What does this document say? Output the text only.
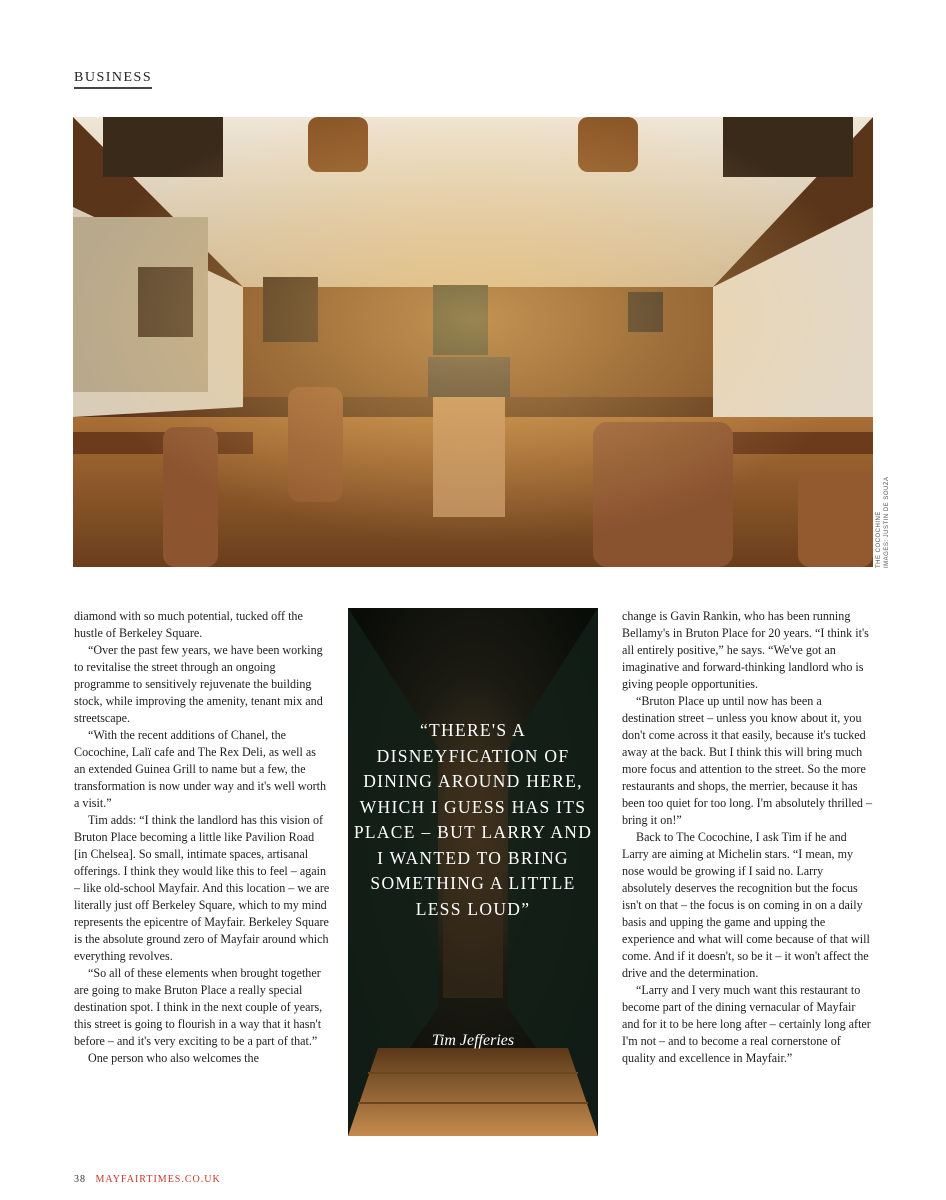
BUSINESS
THE COCOCHINE IMAGES: JUSTIN DE SOUZA

diamond with so much potential, tucked off the hustle of Berkeley Square.

“Over the past few years, we have been working to revitalise the street through an ongoing programme to sensitively rejuvenate the building stock, while improving the amenity, tenant mix and streetscape.

“With the recent additions of Chanel, the Cocochine, Lalï cafe and The Rex Deli, as well as an extended Guinea Grill to name but a few, the transformation is now under way and it's well worth a visit.”

Tim adds: “I think the landlord has this vision of Bruton Place becoming a little like Pavilion Road [in Chelsea]. So small, intimate spaces, artisanal offerings. I think they would like this to feel – again – like old-school Mayfair. And this location – we are literally just off Berkeley Square, which to my mind represents the epicentre of Mayfair. Berkeley Square is the absolute ground zero of Mayfair around which everything revolves.

“So all of these elements when brought together are going to make Bruton Place a really special destination spot. I think in the next couple of years, this street is going to flourish in a way that it hasn't before – and it's very exciting to be a part of that.”

One person who also welcomes the

“THERE'S A DISNEYFICATION OF DINING AROUND HERE, WHICH I GUESS HAS ITS PLACE – BUT LARRY AND I WANTED TO BRING SOMETHING A LITTLE LESS LOUD”
Tim Jefferies

change is Gavin Rankin, who has been running Bellamy's in Bruton Place for 20 years. “I think it's all entirely positive,” he says. “We've got an imaginative and forward-thinking landlord who is giving people opportunities.

“Bruton Place up until now has been a destination street – unless you know about it, you don't come across it that easily, because it's tucked away at the back. But I think this will bring much more focus and attention to the street. So the more restaurants and shops, the merrier, because it has been too quiet for too long. I'm absolutely thrilled – bring it on!”

Back to The Cocochine, I ask Tim if he and Larry are aiming at Michelin stars. “I mean, my nose would be growing if I said no. Larry absolutely deserves the recognition but the focus isn't on that – the focus is on coming in on a daily basis and upping the game and upping the experience and what will come because of that will come. And if it doesn't, so be it – it won't affect the drive and the determination.

“Larry and I very much want this restaurant to become part of the dining vernacular of Mayfair and for it to be here long after – certainly long after I'm not – and to become a real cornerstone of quality and excellence in Mayfair.”

38 MAYFAIRTIMES.CO.UK
